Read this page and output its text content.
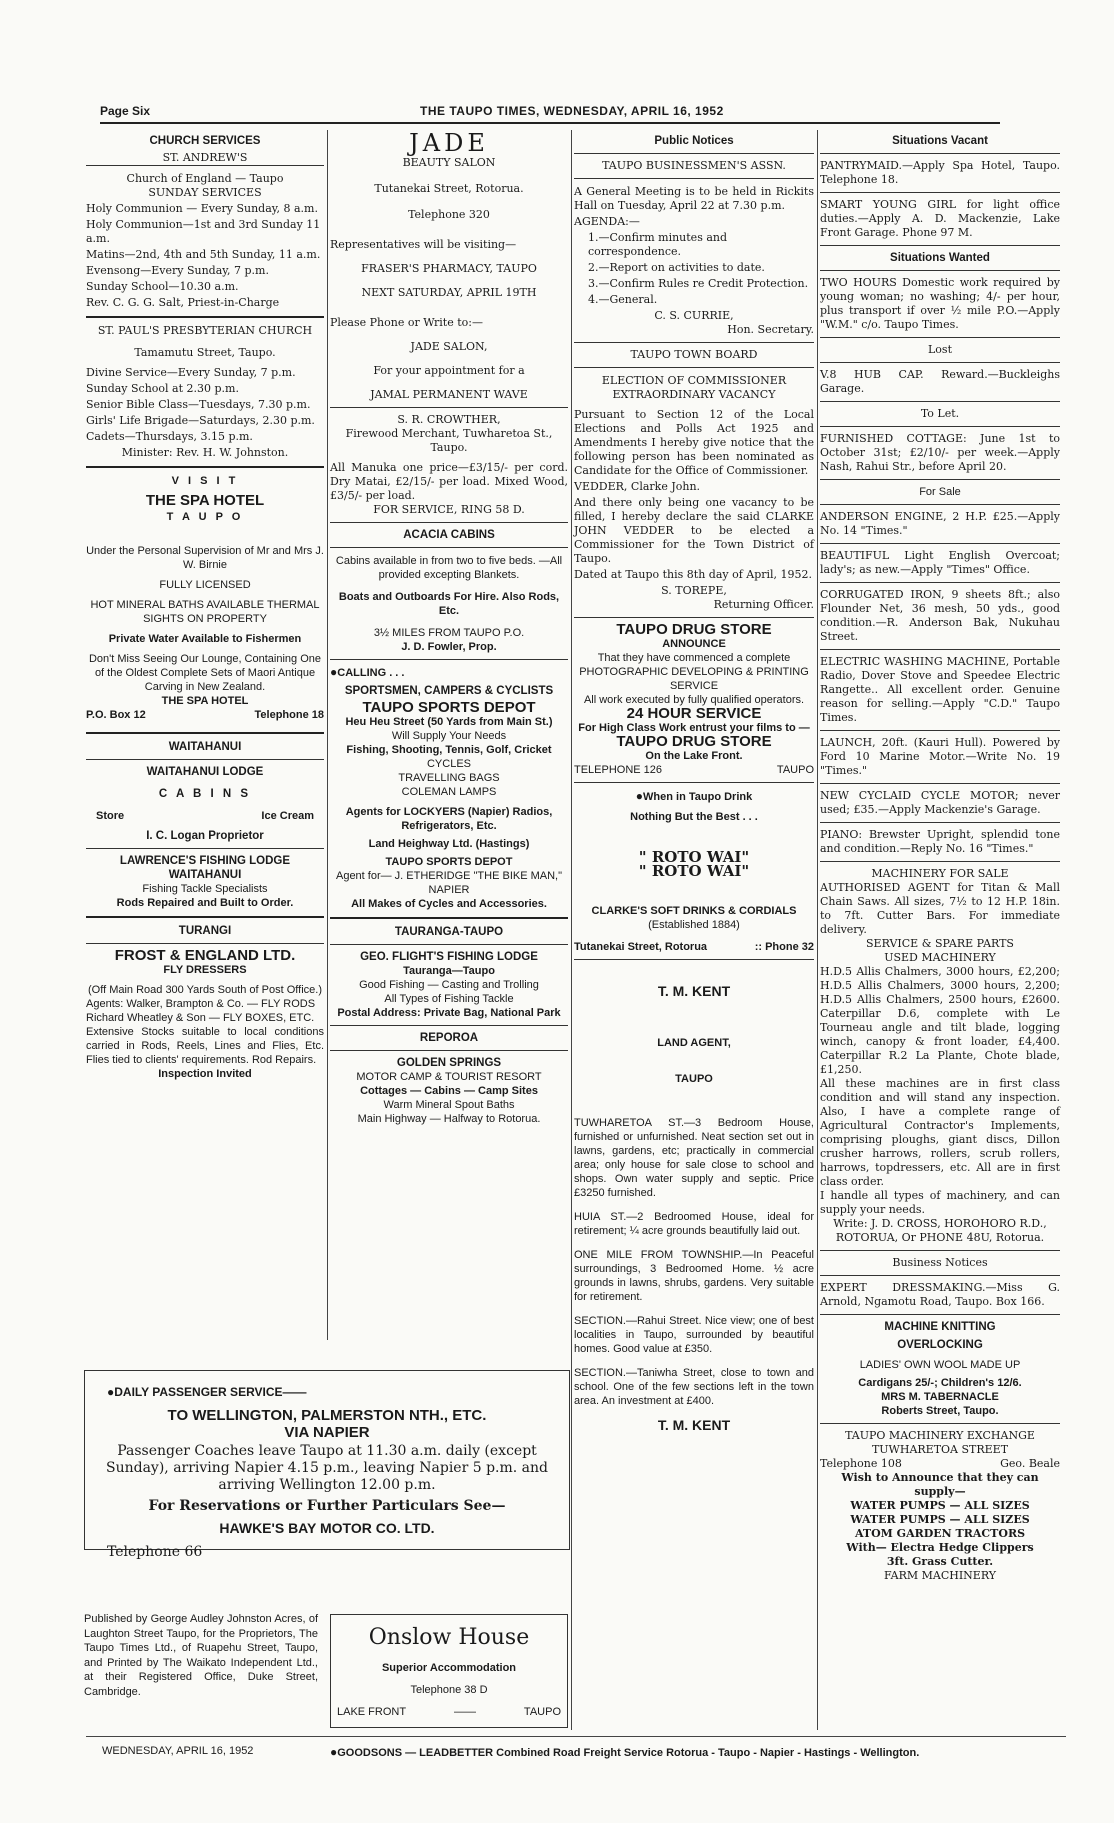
Page Six	THE TAUPO TIMES, WEDNESDAY, APRIL 16, 1952
CHURCH SERVICES
ST. ANDREW'S
Church of England — Taupo
SUNDAY SERVICES
Holy Communion — Every Sunday, 8 a.m.
Holy Communion—1st and 3rd Sunday 11 a.m.
Matins—2nd, 4th and 5th Sunday, 11 a.m.
Evensong—Every Sunday, 7 p.m.
Sunday School—10.30 a.m.
Rev. C. G. G. Salt, Priest-in-Charge
ST. PAUL'S PRESBYTERIAN CHURCH
Tamamutu Street, Taupo.
Divine Service—Every Sunday, 7 p.m.
Sunday School at 2.30 p.m.
Senior Bible Class—Tuesdays, 7.30 p.m.
Girls' Life Brigade—Saturdays, 2.30 p.m.
Cadets—Thursdays, 3.15 p.m.
Minister: Rev. H. W. Johnston.
V I S I T
THE SPA HOTEL
T A U P O
Under the Personal Supervision of Mr and Mrs J. W. Birnie
FULLY LICENSED
HOT MINERAL BATHS AVAILABLE THERMAL SIGHTS ON PROPERTY
Private Water Available to Fishermen
Don't Miss Seeing Our Lounge, Containing One of the Oldest Complete Sets of Maori Antique Carving in New Zealand.
THE SPA HOTEL
P.O. Box 12	Telephone 18
WAITAHANUI
WAITAHANUI LODGE
C A B I N S
Store	Ice Cream
I. C. Logan Proprietor
LAWRENCE'S FISHING LODGE
WAITAHANUI
Fishing Tackle Specialists
Rods Repaired and Built to Order.
TURANGI
FROST & ENGLAND LTD.
FLY DRESSERS
(Off Main Road 300 Yards South of Post Office.)
Agents: Walker, Brampton & Co. — FLY RODS
Richard Wheatley & Son — FLY BOXES, ETC.
Extensive Stocks suitable to local conditions carried in Rods, Reels, Lines and Flies, Etc. Flies tied to clients' requirements. Rod Repairs.
Inspection Invited
JADE
BEAUTY SALON
Tutanekai Street, Rotorua.
Telephone 320
Representatives will be visiting—
FRASER'S PHARMACY, TAUPO
NEXT SATURDAY, APRIL 19TH
Please Phone or Write to:—
JADE SALON,
For your appointment for a
JAMAL PERMANENT WAVE
S. R. CROWTHER,
Firewood Merchant, Tuwharetoa St., Taupo.
All Manuka one price—£3/15/- per cord. Dry Matai, £2/15/- per load. Mixed Wood, £3/5/- per load.
FOR SERVICE, RING 58 D.
ACACIA CABINS
Cabins available in from two to five beds. —All provided excepting Blankets.
Boats and Outboards For Hire. Also Rods, Etc.
3½ MILES FROM TAUPO P.O.
J. D. Fowler, Prop.
● CALLING . . .
SPORTSMEN, CAMPERS & CYCLISTS
TAUPO SPORTS DEPOT
Heu Heu Street (50 Yards from Main St.)
Will Supply Your Needs
Fishing, Shooting, Tennis, Golf, Cricket
CYCLES
TRAVELLING BAGS
COLEMAN LAMPS
Agents for LOCKYERS (Napier) Radios, Refrigerators, Etc.
Land Heighway Ltd. (Hastings)
TAUPO SPORTS DEPOT
Agent for— J. ETHERIDGE "THE BIKE MAN," NAPIER
All Makes of Cycles and Accessories.
TAURANGA-TAUPO
GEO. FLIGHT'S FISHING LODGE
Tauranga—Taupo
Good Fishing — Casting and Trolling
All Types of Fishing Tackle
Postal Address: Private Bag, National Park
REPOROA
GOLDEN SPRINGS
MOTOR CAMP & TOURIST RESORT
Cottages — Cabins — Camp Sites
Warm Mineral Spout Baths
Main Highway — Halfway to Rotorua.
Public Notices
TAUPO BUSINESSMEN'S ASSN.
A General Meeting is to be held in Rickits Hall on Tuesday, April 22 at 7.30 p.m.
AGENDA:—
1.—Confirm minutes and correspondence.
2.—Report on activities to date.
3.—Confirm Rules re Credit Protection.
4.—General.
C. S. CURRIE,
Hon. Secretary.
TAUPO TOWN BOARD
ELECTION OF COMMISSIONER EXTRAORDINARY VACANCY
Pursuant to Section 12 of the Local Elections and Polls Act 1925 and Amendments I hereby give notice that the following person has been nominated as Candidate for the Office of Commissioner.
VEDDER, Clarke John.
And there only being one vacancy to be filled, I hereby declare the said CLARKE JOHN VEDDER to be elected a Commissioner for the Town District of Taupo.
Dated at Taupo this 8th day of April, 1952.
S. TOREPE,
Returning Officer.
TAUPO DRUG STORE
ANNOUNCE
That they have commenced a complete PHOTOGRAPHIC DEVELOPING & PRINTING SERVICE
All work executed by fully qualified operators.
24 HOUR SERVICE
For High Class Work entrust your films to —
TAUPO DRUG STORE
On the Lake Front.
TELEPHONE 126	TAUPO
● When in Taupo Drink
Nothing But the Best . . .
" ROTO WAI"
" ROTO WAI"
CLARKE'S SOFT DRINKS & CORDIALS
(Established 1884)
Tutanekai Street, Rotorua	:: Phone 32
T. M. KENT
LAND AGENT,
TAUPO
TUWHARETOA ST.—3 Bedroom House, furnished or unfurnished. Neat section set out in lawns, gardens, etc; practically in commercial area; only house for sale close to school and shops. Own water supply and septic. Price £3250 furnished.
HUIA ST.—2 Bedroomed House, ideal for retirement; ¼ acre grounds beautifully laid out.
ONE MILE FROM TOWNSHIP.—In Peaceful surroundings, 3 Bedroomed Home. ½ acre grounds in lawns, shrubs, gardens. Very suitable for retirement.
SECTION.—Rahui Street. Nice view; one of best localities in Taupo, surrounded by beautiful homes. Good value at £350.
SECTION.—Taniwha Street, close to town and school. One of the few sections left in the town area. An investment at £400.
T. M. KENT
Situations Vacant
PANTRYMAID.—Apply Spa Hotel, Taupo. Telephone 18.
SMART YOUNG GIRL for light office duties.—Apply A. D. Mackenzie, Lake Front Garage. Phone 97 M.
Situations Wanted
TWO HOURS Domestic work required by young woman; no washing; 4/- per hour, plus transport if over ½ mile P.O.—Apply "W.M." c/o. Taupo Times.
Lost
V.8 HUB CAP. Reward.—Buckleighs Garage.
To Let.
FURNISHED COTTAGE: June 1st to October 31st; £2/10/- per week.—Apply Nash, Rahui Str., before April 20.
For Sale
ANDERSON ENGINE, 2 H.P. £25.—Apply No. 14 "Times."
BEAUTIFUL Light English Overcoat; lady's; as new.—Apply "Times" Office.
CORRUGATED IRON, 9 sheets 8ft.; also Flounder Net, 36 mesh, 50 yds., good condition.—R. Anderson Bak, Nukuhau Street.
ELECTRIC WASHING MACHINE, Portable Radio, Dover Stove and Speedee Electric Rangette.. All excellent order. Genuine reason for selling.—Apply "C.D." Taupo Times.
LAUNCH, 20ft. (Kauri Hull). Powered by Ford 10 Marine Motor.—Write No. 19 "Times."
NEW CYCLAID CYCLE MOTOR; never used; £35.—Apply Mackenzie's Garage.
PIANO: Brewster Upright, splendid tone and condition.—Reply No. 16 "Times."
MACHINERY FOR SALE
AUTHORISED AGENT for Titan & Mall Chain Saws. All sizes, 7½ to 12 H.P. 18in. to 7ft. Cutter Bars. For immediate delivery.
SERVICE & SPARE PARTS
USED MACHINERY
H.D.5 Allis Chalmers, 3000 hours, £2,200; H.D.5 Allis Chalmers, 3000 hours, 2,200; H.D.5 Allis Chalmers, 2500 hours, £2600. Caterpillar D.6, complete with Le Tourneau angle and tilt blade, logging winch, canopy & front loader, £4,400. Caterpillar R.2 La Plante, Chote blade, £1,250.
All these machines are in first class condition and will stand any inspection. Also, I have a complete range of Agricultural Contractor's Implements, comprising ploughs, giant discs, Dillon crusher harrows, rollers, scrub rollers, harrows, topdressers, etc. All are in first class order.
I handle all types of machinery, and can supply your needs.
Write: J. D. CROSS, HOROHORO R.D., ROTORUA, Or PHONE 48U, Rotorua.
Business Notices
EXPERT DRESSMAKING.—Miss G. Arnold, Ngamotu Road, Taupo. Box 166.
MACHINE KNITTING
OVERLOCKING
LADIES' OWN WOOL MADE UP
Cardigans 25/-; Children's 12/6.
MRS M. TABERNACLE
Roberts Street, Taupo.
TAUPO MACHINERY EXCHANGE
TUWHARETOA STREET
Telephone 108	Geo. Beale
Wish to Announce that they can supply—
WATER PUMPS — ALL SIZES
WATER PUMPS — ALL SIZES
ATOM GARDEN TRACTORS
With— Electra Hedge Clippers
3ft. Grass Cutter.
FARM MACHINERY
● DAILY PASSENGER SERVICE——
TO WELLINGTON, PALMERSTON NTH., ETC.
VIA NAPIER
Passenger Coaches leave Taupo at 11.30 a.m. daily (except Sunday), arriving Napier 4.15 p.m., leaving Napier 5 p.m. and arriving Wellington 12.00 p.m.
For Reservations or Further Particulars See—
HAWKE'S BAY MOTOR CO. LTD.
Telephone 66
Published by George Audley Johnston Acres, of Laughton Street Taupo, for the Proprietors, The Taupo Times Ltd., of Ruapehu Street, Taupo, and Printed by The Waikato Independent Ltd., at their Registered Office, Duke Street, Cambridge.
Onslow House
Superior Accommodation
Telephone 38 D
LAKE FRONT	——	TAUPO
WEDNESDAY, APRIL 16, 1952
●	GOODSONS — LEADBETTER Combined Road Freight Service Rotorua - Taupo - Napier - Hastings - Wellington.
